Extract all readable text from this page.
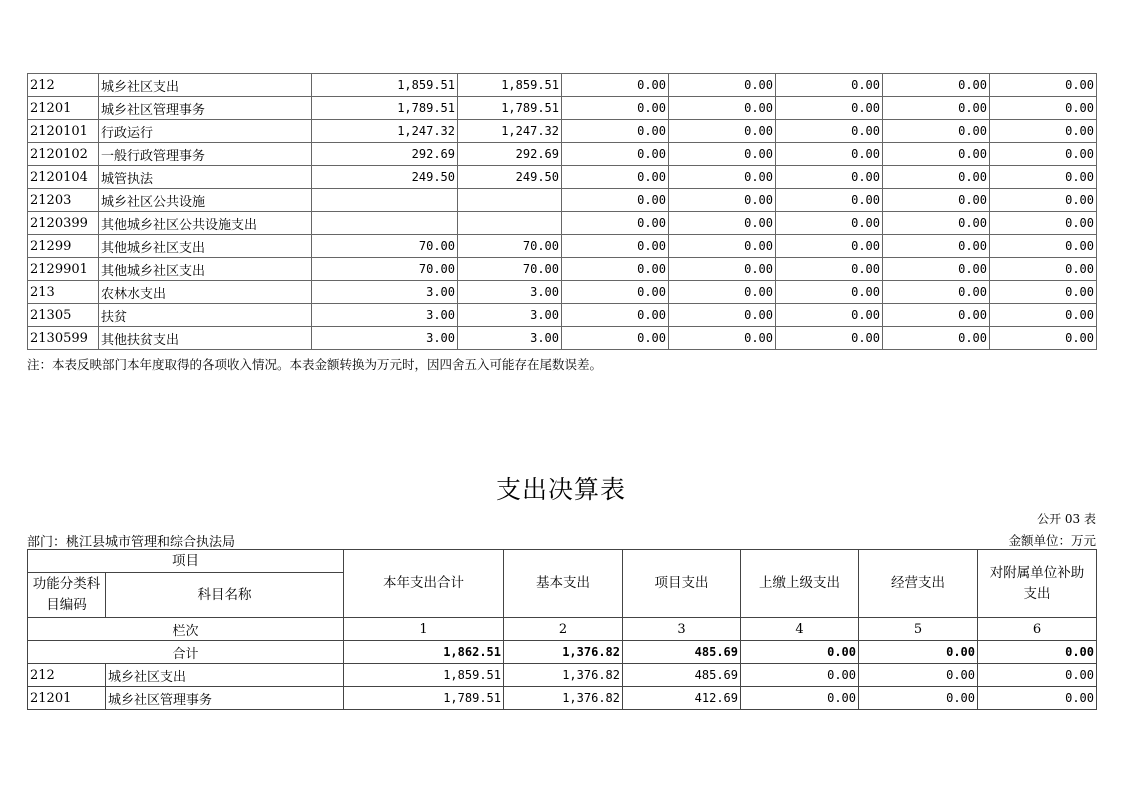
212	城乡社区支出	1,859.51	1,859.51	0.00	0.00	0.00	0.00	0.00
21201	城乡社区管理事务	1,789.51	1,789.51	0.00	0.00	0.00	0.00	0.00
2120101	行政运行	1,247.32	1,247.32	0.00	0.00	0.00	0.00	0.00
2120102	一般行政管理事务	292.69	292.69	0.00	0.00	0.00	0.00	0.00
2120104	城管执法	249.50	249.50	0.00	0.00	0.00	0.00	0.00
21203	城乡社区公共设施			0.00	0.00	0.00	0.00	0.00
2120399	其他城乡社区公共设施支出			0.00	0.00	0.00	0.00	0.00
21299	其他城乡社区支出	70.00	70.00	0.00	0.00	0.00	0.00	0.00
2129901	其他城乡社区支出	70.00	70.00	0.00	0.00	0.00	0.00	0.00
213	农林水支出	3.00	3.00	0.00	0.00	0.00	0.00	0.00
21305	扶贫	3.00	3.00	0.00	0.00	0.00	0.00	0.00
2130599	其他扶贫支出	3.00	3.00	0.00	0.00	0.00	0.00	0.00
注：本表反映部门本年度取得的各项收入情况。本表金额转换为万元时，因四舍五入可能存在尾数误差。
支出决算表
公开 03 表
部门：桃江县城市管理和综合执法局	金额单位：万元
项目		本年支出合计	基本支出	项目支出	上缴上级支出	经营支出	对附属单位补助支出
功能分类科目编码	科目名称						
栏次		1	2	3	4	5	6
合计		1,862.51	1,376.82	485.69	0.00	0.00	0.00
212	城乡社区支出	1,859.51	1,376.82	485.69	0.00	0.00	0.00
21201	城乡社区管理事务	1,789.51	1,376.82	412.69	0.00	0.00	0.00
